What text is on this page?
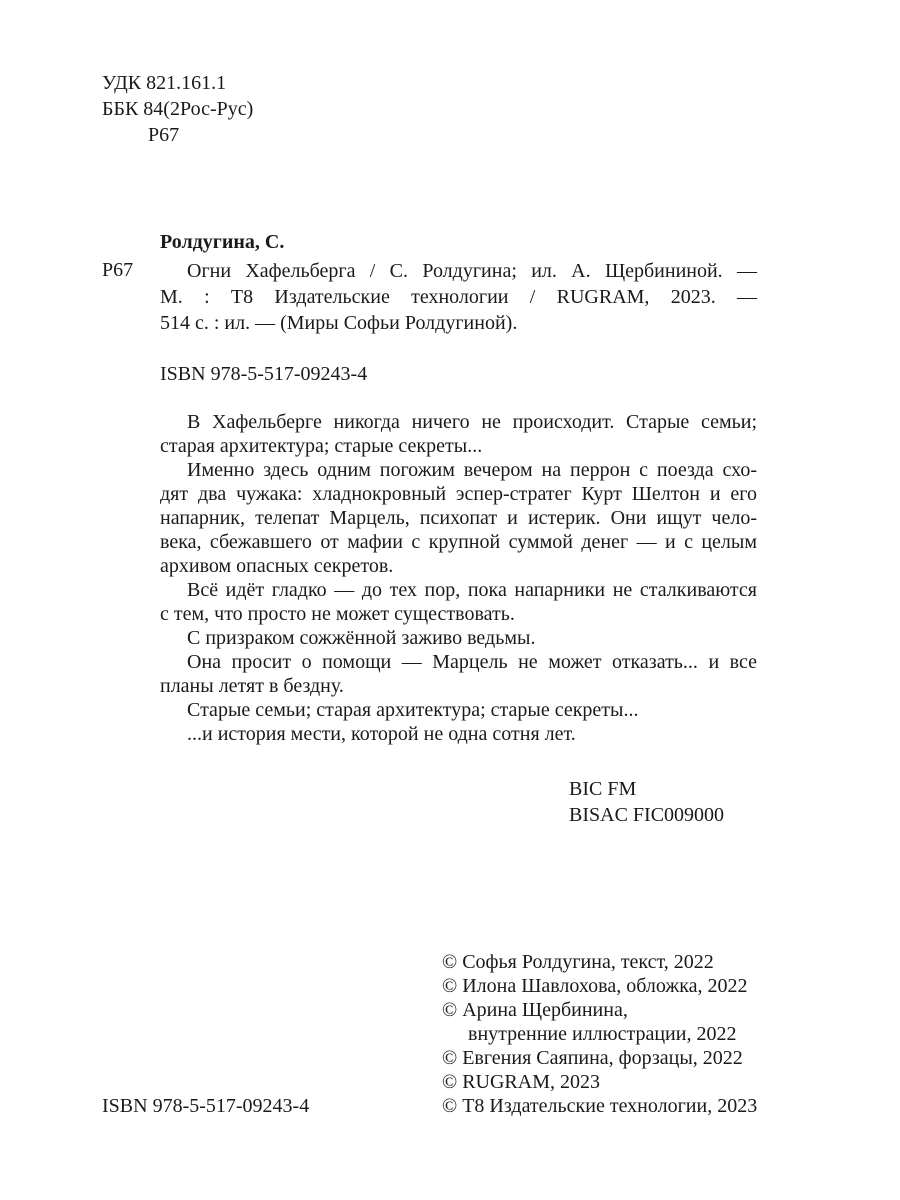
УДК 821.161.1
ББК 84(2Рос-Рус)
Р67
Ролдугина, С.
Р67	Огни Хафельберга / С. Ролдугина; ил. А. Щербининой. —
М. : Т8 Издательские технологии / RUGRAM, 2023. —
514 с. : ил. — (Миры Софьи Ролдугиной).
ISBN 978-5-517-09243-4
В Хафельберге никогда ничего не происходит. Старые семьи;
старая архитектура; старые секреты...
Именно здесь одним погожим вечером на перрон с поезда схо-
дят два чужака: хладнокровный эспер-стратег Курт Шелтон и его
напарник, телепат Марцель, психопат и истерик. Они ищут чело-
века, сбежавшего от мафии с крупной суммой денег — и с целым
архивом опасных секретов.
Всё идёт гладко — до тех пор, пока напарники не сталкиваются
с тем, что просто не может существовать.
С призраком сожжённой заживо ведьмы.
Она просит о помощи — Марцель не может отказать... и все
планы летят в бездну.
Старые семьи; старая архитектура; старые секреты...
...и история мести, которой не одна сотня лет.
BIC FM
BISAC FIC009000
© Софья Ролдугина, текст, 2022
© Илона Шавлохова, обложка, 2022
© Арина Щербинина,
внутренние иллюстрации, 2022
© Евгения Саяпина, форзацы, 2022
© RUGRAM, 2023
© Т8 Издательские технологии, 2023
ISBN 978-5-517-09243-4
